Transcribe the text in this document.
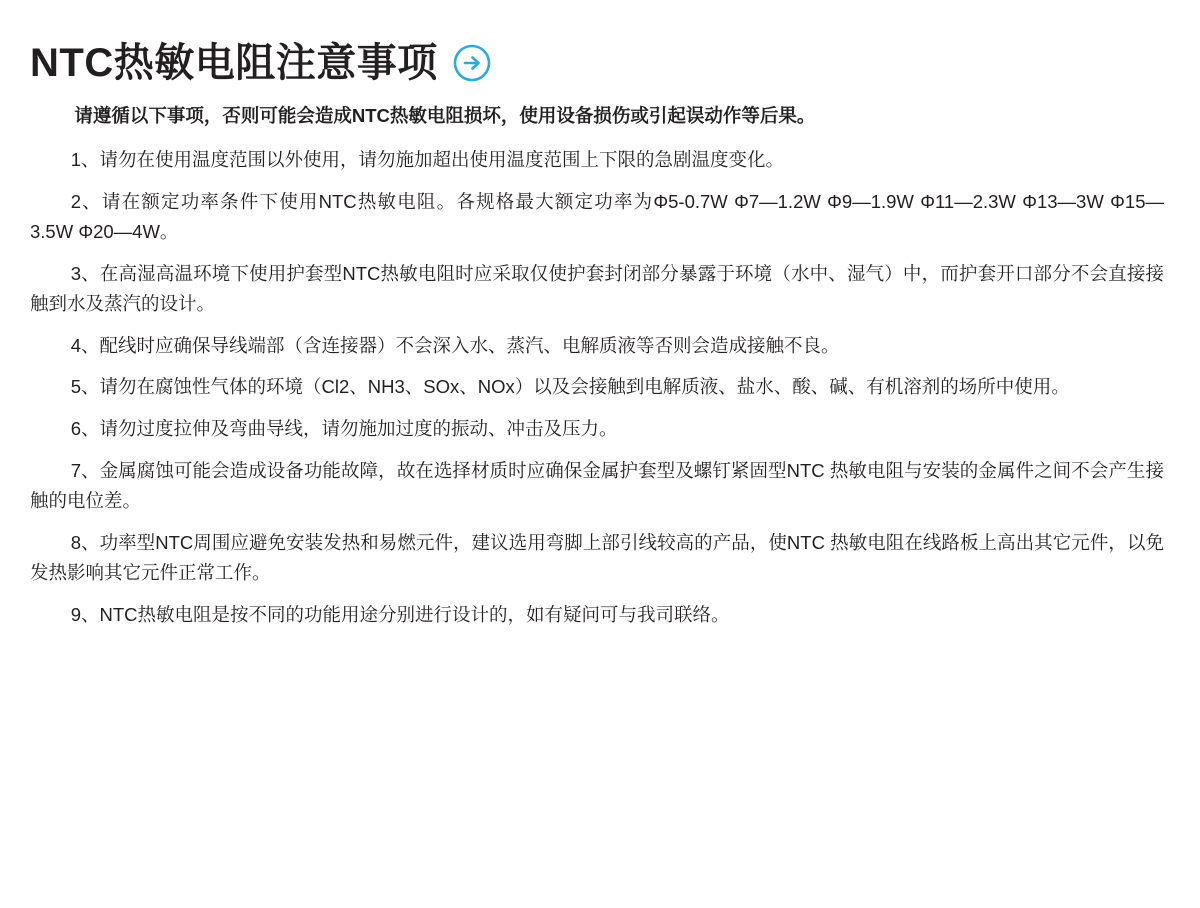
NTC热敏电阻注意事项

请遵循以下事项，否则可能会造成NTC热敏电阻损坏，使用设备损伤或引起误动作等后果。

1、请勿在使用温度范围以外使用，请勿施加超出使用温度范围上下限的急剧温度变化。

2、请在额定功率条件下使用NTC热敏电阻。各规格最大额定功率为Φ5-0.7W Φ7—1.2W Φ9—1.9W Φ11—2.3W Φ13—3W Φ15—3.5W Φ20—4W。

3、在高湿高温环境下使用护套型NTC热敏电阻时应采取仅使护套封闭部分暴露于环境（水中、湿气）中，而护套开口部分不会直接接触到水及蒸汽的设计。

4、配线时应确保导线端部（含连接器）不会深入水、蒸汽、电解质液等否则会造成接触不良。

5、请勿在腐蚀性气体的环境（Cl2、NH3、SOx、NOx）以及会接触到电解质液、盐水、酸、碱、有机溶剂的场所中使用。

6、请勿过度拉伸及弯曲导线，请勿施加过度的振动、冲击及压力。

7、金属腐蚀可能会造成设备功能故障，故在选择材质时应确保金属护套型及螺钉紧固型NTC 热敏电阻与安装的金属件之间不会产生接触的电位差。

8、功率型NTC周围应避免安装发热和易燃元件，建议选用弯脚上部引线较高的产品，使NTC 热敏电阻在线路板上高出其它元件，以免发热影响其它元件正常工作。

9、NTC热敏电阻是按不同的功能用途分别进行设计的，如有疑问可与我司联络。
